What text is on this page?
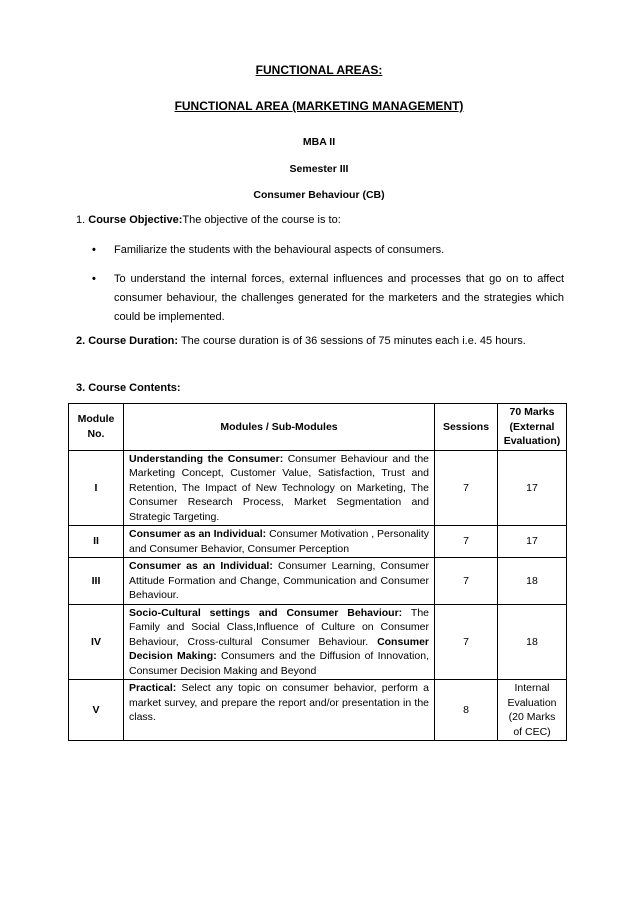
FUNCTIONAL AREAS:
FUNCTIONAL AREA (MARKETING MANAGEMENT)
MBA II
Semester III
Consumer Behaviour (CB)
1. Course Objective:The objective of the course is to:
• Familiarize the students with the behavioural aspects of consumers.
• To understand the internal forces, external influences and processes that go on to affect consumer behaviour, the challenges generated for the marketers and the strategies which could be implemented.
2. Course Duration: The course duration is of 36 sessions of 75 minutes each i.e. 45 hours.
3. Course Contents:
Module No.	Modules / Sub-Modules	Sessions	70 Marks (External Evaluation)
I	Understanding the Consumer: Consumer Behaviour and the Marketing Concept, Customer Value, Satisfaction, Trust and Retention, The Impact of New Technology on Marketing, The Consumer Research Process, Market Segmentation and Strategic Targeting.	7	17
II	Consumer as an Individual: Consumer Motivation , Personality and Consumer Behavior, Consumer Perception	7	17
III	Consumer as an Individual: Consumer Learning, Consumer Attitude Formation and Change, Communication and Consumer Behaviour.	7	18
IV	Socio-Cultural settings and Consumer Behaviour: The Family and Social Class,Influence of Culture on Consumer Behaviour, Cross-cultural Consumer Behaviour. Consumer Decision Making: Consumers and the Diffusion of Innovation, Consumer Decision Making and Beyond	7	18
V	Practical: Select any topic on consumer behavior, perform a market survey, and prepare the report and/or presentation in the class.	8	Internal Evaluation (20 Marks of CEC)
